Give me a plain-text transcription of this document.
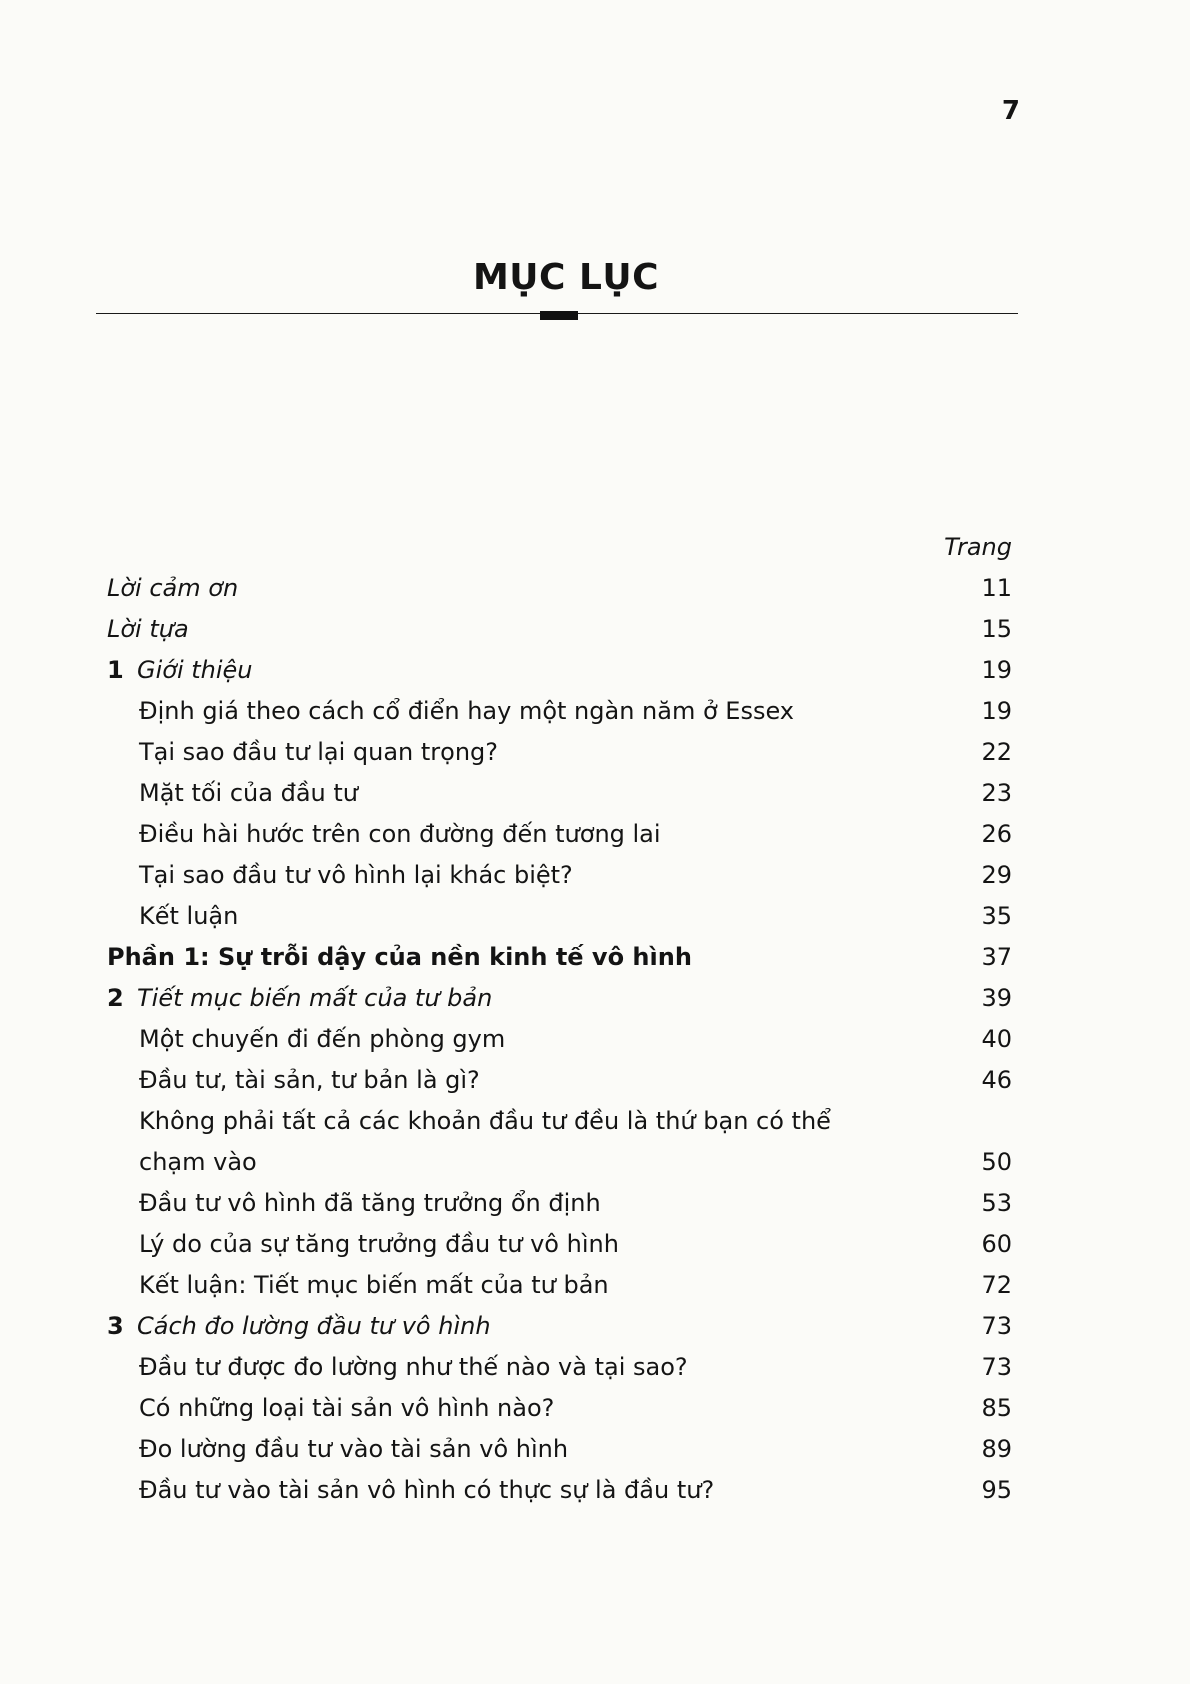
7
MỤC LỤC
Trang
Lời cảm ơn	11
Lời tựa	15
1 Giới thiệu	19
Định giá theo cách cổ điển hay một ngàn năm ở Essex	19
Tại sao đầu tư lại quan trọng?	22
Mặt tối của đầu tư	23
Điều hài hước trên con đường đến tương lai	26
Tại sao đầu tư vô hình lại khác biệt?	29
Kết luận	35
Phần 1: Sự trỗi dậy của nền kinh tế vô hình	37
2 Tiết mục biến mất của tư bản	39
Một chuyến đi đến phòng gym	40
Đầu tư, tài sản, tư bản là gì?	46
Không phải tất cả các khoản đầu tư đều là thứ bạn có thể chạm vào	50
Đầu tư vô hình đã tăng trưởng ổn định	53
Lý do của sự tăng trưởng đầu tư vô hình	60
Kết luận: Tiết mục biến mất của tư bản	72
3 Cách đo lường đầu tư vô hình	73
Đầu tư được đo lường như thế nào và tại sao?	73
Có những loại tài sản vô hình nào?	85
Đo lường đầu tư vào tài sản vô hình	89
Đầu tư vào tài sản vô hình có thực sự là đầu tư?	95
